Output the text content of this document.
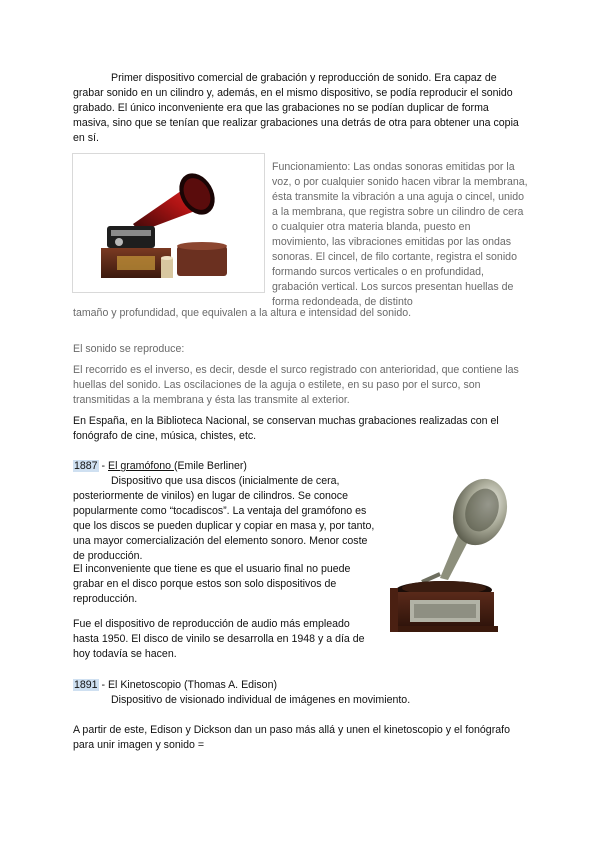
Primer dispositivo comercial de grabación y reproducción de sonido. Era capaz de grabar sonido en un cilindro y, además, en el mismo dispositivo, se podía reproducir el sonido grabado. El único inconveniente era que las grabaciones no se podían duplicar de forma masiva, sino que se tenían que realizar grabaciones una detrás de otra para obtener una copia en sí.

Funcionamiento: Las ondas sonoras emitidas por la voz, o por cualquier sonido hacen vibrar la membrana, ésta transmite la vibración a una aguja o cincel, unido a la membrana, que registra sobre un cilindro de cera o cualquier otra materia blanda, puesto en movimiento, las vibraciones emitidas por las ondas sonoras. El cincel, de filo cortante, registra el sonido formando surcos verticales o en profundidad, grabación vertical. Los surcos presentan huellas de forma redondeada, de distinto

tamaño y profundidad, que equivalen a la altura e intensidad del sonido.

El sonido se reproduce:

El recorrido es el inverso, es decir, desde el surco registrado con anterioridad, que contiene las huellas del sonido. Las oscilaciones de la aguja o estilete, en su paso por el surco, son transmitidas a la membrana y ésta las transmite al exterior.

En España, en la Biblioteca Nacional, se conservan muchas grabaciones realizadas con el fonógrafo de cine, música, chistes, etc.

1887 - El gramófono (Emile Berliner)

Dispositivo que usa discos (inicialmente de cera, posteriormente de vinilos) en lugar de cilindros. Se conoce popularmente como “tocadiscos”. La ventaja del gramófono es que los discos se pueden duplicar y copiar en masa y, por tanto, una mayor comercialización del elemento sonoro. Menor coste de producción.

El inconveniente que tiene es que el usuario final no puede grabar en el disco porque estos son solo dispositivos de reproducción.

Fue el dispositivo de reproducción de audio más empleado hasta 1950. El disco de vinilo se desarrolla en 1948 y a día de hoy todavía se hacen.

1891 - El Kinetoscopio (Thomas A. Edison)

Dispositivo de visionado individual de imágenes en movimiento.

A partir de este, Edison y Dickson dan un paso más allá y unen el kinetoscopio y el fonógrafo para unir imagen y sonido =
